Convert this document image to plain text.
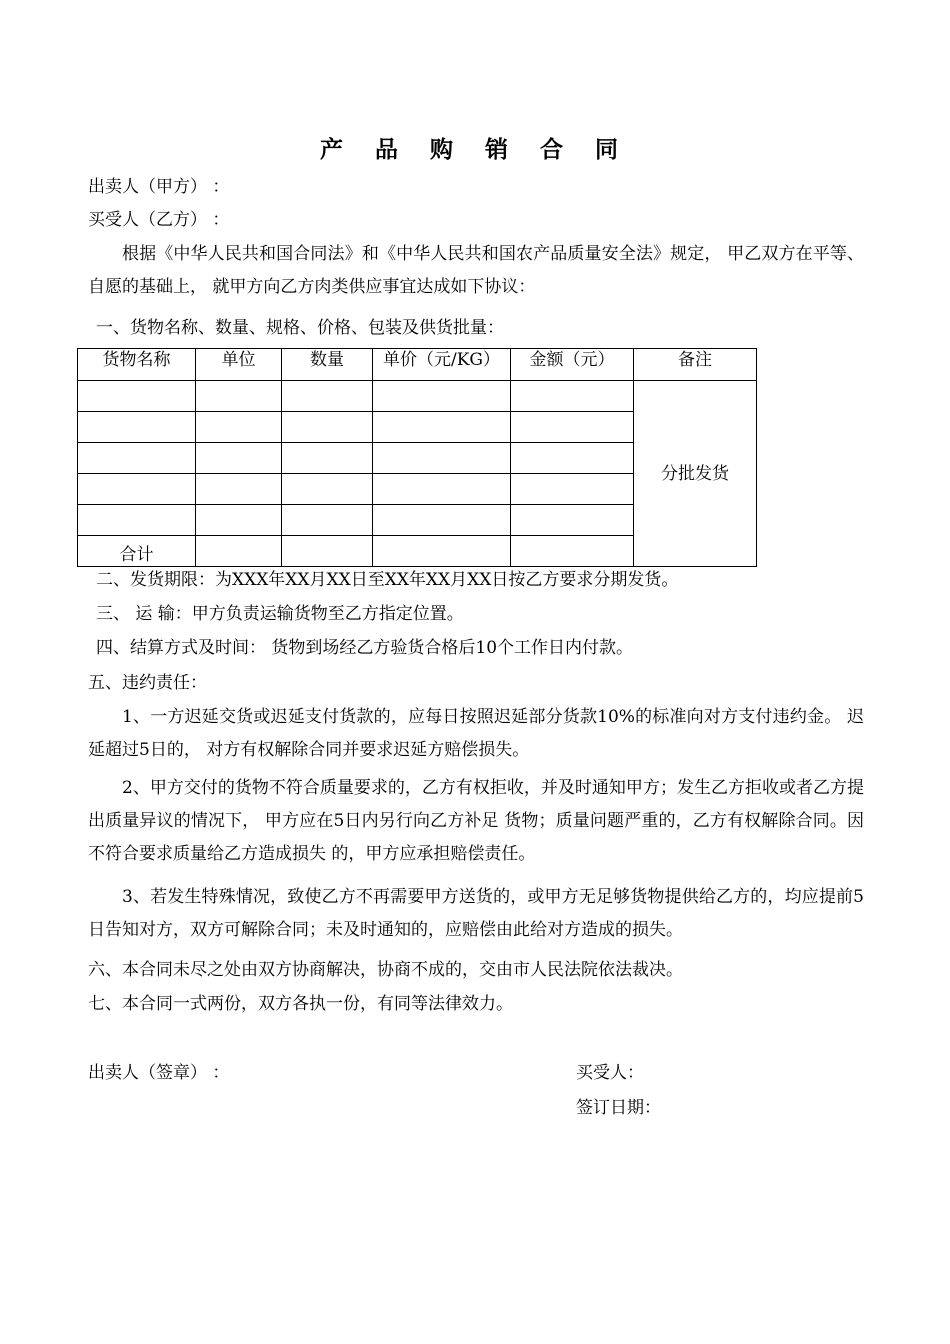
产 品 购 销 合 同
出卖人（甲方） ：
买受人（乙方） ：
根据《中华人民共和国合同法》和《中华人民共和国农产品质量安全法》规定， 甲乙双方在平等、 自愿的基础上， 就甲方向乙方肉类供应事宜达成如下协议：
一、货物名称、数量、规格、价格、包装及供货批量：
货物名称	单位	数量	单价（元/KG）	金额（元）	备注
					分批发货

合计					
二、发货期限：为XXX年XX月XX日至XX年XX月XX日按乙方要求分期发货。
三、 运 输：甲方负责运输货物至乙方指定位置。
四、结算方式及时间： 货物到场经乙方验货合格后10个工作日内付款。
五、违约责任：
1、一方迟延交货或迟延支付货款的，应每日按照迟延部分货款10%的标准向对方支付违约金。 迟延超过5日的， 对方有权解除合同并要求迟延方赔偿损失。
2、甲方交付的货物不符合质量要求的，乙方有权拒收，并及时通知甲方；发生乙方拒收或者乙方提出质量异议的情况下， 甲方应在5日内另行向乙方补足 货物；质量问题严重的，乙方有权解除合同。因不符合要求质量给乙方造成损失 的，甲方应承担赔偿责任。
3、若发生特殊情况，致使乙方不再需要甲方送货的，或甲方无足够货物提供给乙方的，均应提前5日告知对方，双方可解除合同；未及时通知的，应赔偿由此给对方造成的损失。
六、本合同未尽之处由双方协商解决，协商不成的，交由市人民法院依法裁决。
七、本合同一式两份，双方各执一份，有同等法律效力。
出卖人（签章） ：	买受人：
签订日期：
